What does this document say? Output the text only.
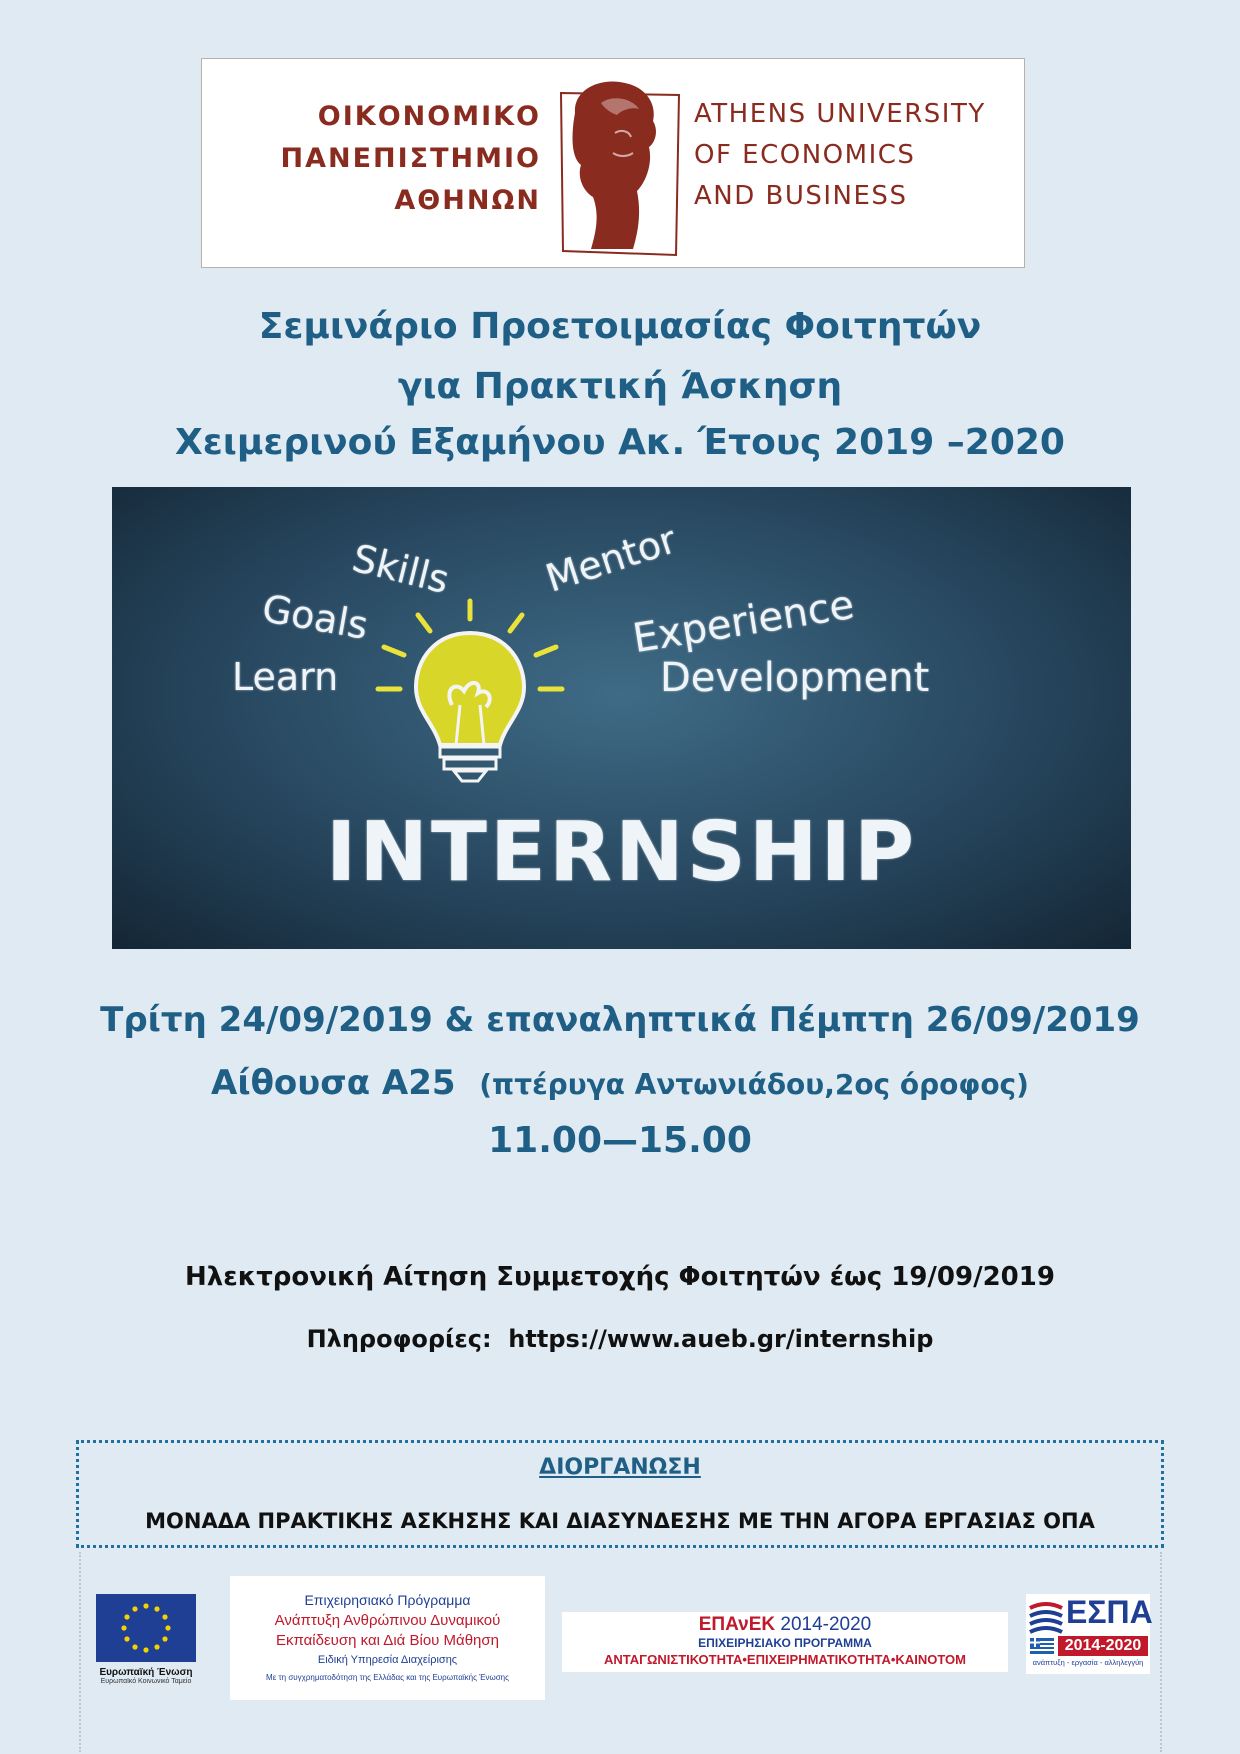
ΟΙΚΟΝΟΜΙΚΟ
ΠΑΝΕΠΙΣΤΗΜΙΟ
ΑΘΗΝΩΝ
ATHENS UNIVERSITY
OF ECONOMICS
AND BUSINESS
Σεμινάριο Προετοιμασίας Φοιτητών
για Πρακτική Άσκηση
Χειμερινού Εξαμήνου Ακ. Έτους 2019 –2020
Skills Mentor
Goals	Experience
Learn	Development
INTERNSHIP
Τρίτη 24/09/2019 & επαναληπτικά Πέμπτη 26/09/2019
Αίθουσα Α25 (πτέρυγα Αντωνιάδου,2ος όροφος)
11.00—15.00
Ηλεκτρονική Αίτηση Συμμετοχής Φοιτητών έως 19/09/2019
Πληροφορίες: https://www.aueb.gr/internship
ΔΙΟΡΓΑΝΩΣΗ
ΜΟΝΑΔΑ ΠΡΑΚΤΙΚΗΣ ΑΣΚΗΣΗΣ ΚΑΙ ΔΙΑΣΥΝΔΕΣΗΣ ΜΕ ΤΗΝ ΑΓΟΡΑ ΕΡΓΑΣΙΑΣ ΟΠΑ
Ευρωπαϊκή Ένωση
Ευρωπαϊκό Κοινωνικό Ταμείο
Επιχειρησιακό Πρόγραμμα
Ανάπτυξη Ανθρώπινου Δυναμικού
Εκπαίδευση και Διά Βίου Μάθηση
Ειδική Υπηρεσία Διαχείρισης
Με τη συγχρηματοδότηση της Ελλάδας και της Ευρωπαϊκής Ένωσης
ΕΠΑνΕΚ 2014-2020
ΕΠΙΧΕΙΡΗΣΙΑΚΟ ΠΡΟΓΡΑΜΜΑ
ΑΝΤΑΓΩΝΙΣΤΙΚΟΤΗΤΑ•ΕΠΙΧΕΙΡΗΜΑΤΙΚΟΤΗΤΑ•ΚΑΙΝΟΤΟΜ
ΕΣΠΑ
2014-2020
ανάπτυξη - εργασία - αλληλεγγύη
